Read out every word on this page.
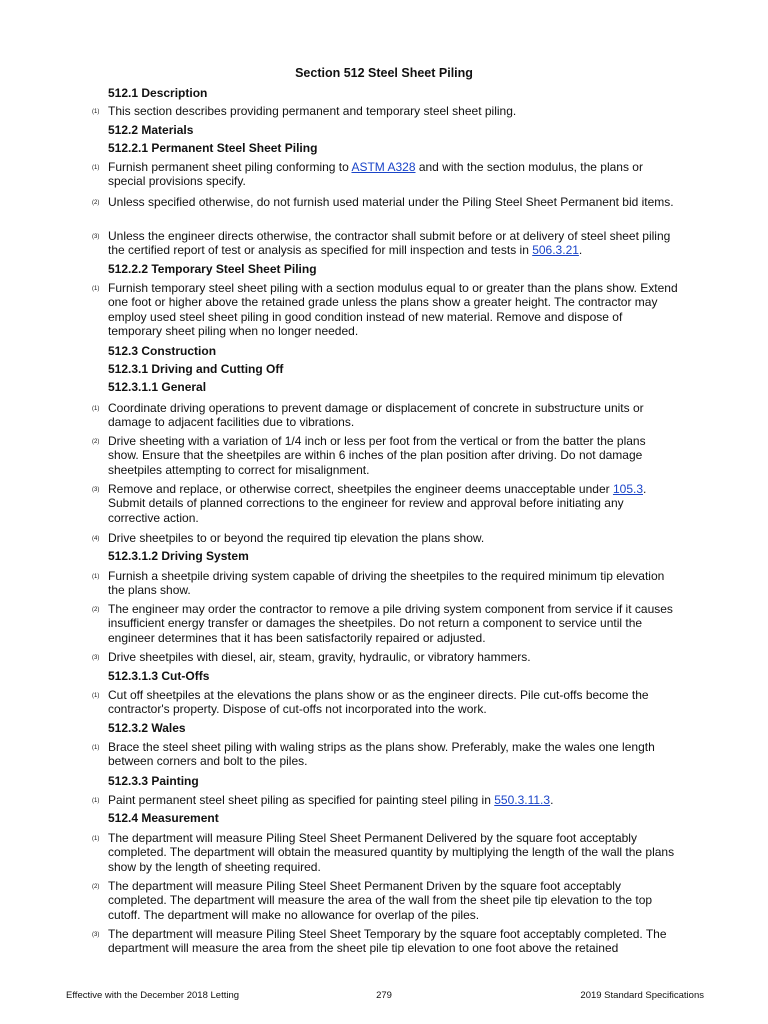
Section 512 Steel Sheet Piling
512.1 Description
(1) This section describes providing permanent and temporary steel sheet piling.
512.2 Materials
512.2.1 Permanent Steel Sheet Piling
(1) Furnish permanent sheet piling conforming to ASTM A328 and with the section modulus, the plans or special provisions specify.
(2) Unless specified otherwise, do not furnish used material under the Piling Steel Sheet Permanent bid items.
(3) Unless the engineer directs otherwise, the contractor shall submit before or at delivery of steel sheet piling the certified report of test or analysis as specified for mill inspection and tests in 506.3.21.
512.2.2 Temporary Steel Sheet Piling
(1) Furnish temporary steel sheet piling with a section modulus equal to or greater than the plans show. Extend one foot or higher above the retained grade unless the plans show a greater height. The contractor may employ used steel sheet piling in good condition instead of new material. Remove and dispose of temporary sheet piling when no longer needed.
512.3 Construction
512.3.1 Driving and Cutting Off
512.3.1.1 General
(1) Coordinate driving operations to prevent damage or displacement of concrete in substructure units or damage to adjacent facilities due to vibrations.
(2) Drive sheeting with a variation of 1/4 inch or less per foot from the vertical or from the batter the plans show. Ensure that the sheetpiles are within 6 inches of the plan position after driving. Do not damage sheetpiles attempting to correct for misalignment.
(3) Remove and replace, or otherwise correct, sheetpiles the engineer deems unacceptable under 105.3. Submit details of planned corrections to the engineer for review and approval before initiating any corrective action.
(4) Drive sheetpiles to or beyond the required tip elevation the plans show.
512.3.1.2 Driving System
(1) Furnish a sheetpile driving system capable of driving the sheetpiles to the required minimum tip elevation the plans show.
(2) The engineer may order the contractor to remove a pile driving system component from service if it causes insufficient energy transfer or damages the sheetpiles. Do not return a component to service until the engineer determines that it has been satisfactorily repaired or adjusted.
(3) Drive sheetpiles with diesel, air, steam, gravity, hydraulic, or vibratory hammers.
512.3.1.3 Cut-Offs
(1) Cut off sheetpiles at the elevations the plans show or as the engineer directs. Pile cut-offs become the contractor's property. Dispose of cut-offs not incorporated into the work.
512.3.2 Wales
(1) Brace the steel sheet piling with waling strips as the plans show. Preferably, make the wales one length between corners and bolt to the piles.
512.3.3 Painting
(1) Paint permanent steel sheet piling as specified for painting steel piling in 550.3.11.3.
512.4 Measurement
(1) The department will measure Piling Steel Sheet Permanent Delivered by the square foot acceptably completed. The department will obtain the measured quantity by multiplying the length of the wall the plans show by the length of sheeting required.
(2) The department will measure Piling Steel Sheet Permanent Driven by the square foot acceptably completed. The department will measure the area of the wall from the sheet pile tip elevation to the top cutoff. The department will make no allowance for overlap of the piles.
(3) The department will measure Piling Steel Sheet Temporary by the square foot acceptably completed. The department will measure the area from the sheet pile tip elevation to one foot above the retained
Effective with the December 2018 Letting	279	2019 Standard Specifications
